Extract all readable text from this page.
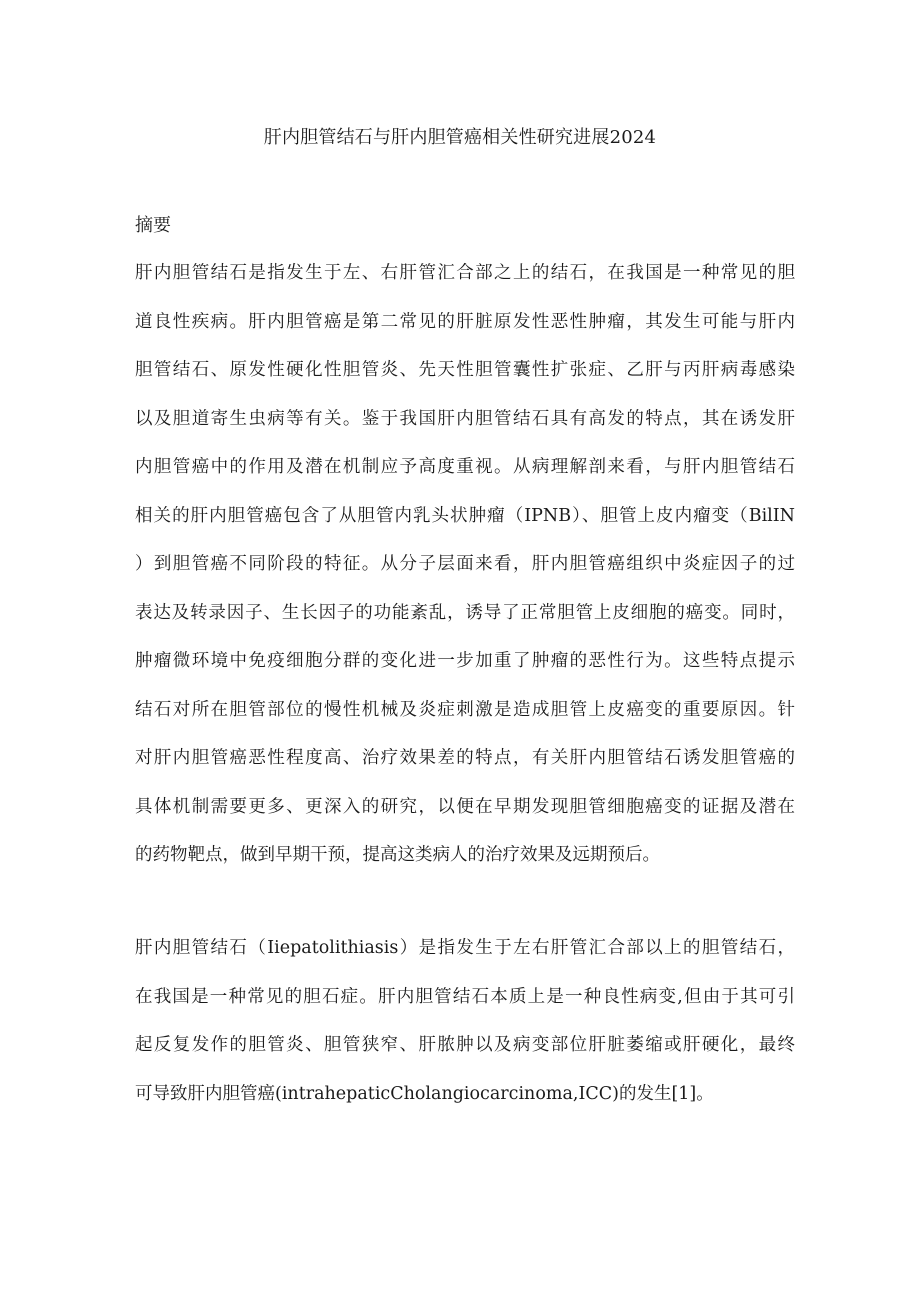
肝内胆管结石与肝内胆管癌相关性研究进展2024
摘要
肝内胆管结石是指发生于左、右肝管汇合部之上的结石，在我国是一种常见的胆
道良性疾病。肝内胆管癌是第二常见的肝脏原发性恶性肿瘤，其发生可能与肝内
胆管结石、原发性硬化性胆管炎、先天性胆管囊性扩张症、乙肝与丙肝病毒感染
以及胆道寄生虫病等有关。鉴于我国肝内胆管结石具有高发的特点，其在诱发肝
内胆管癌中的作用及潜在机制应予高度重视。从病理解剖来看，与肝内胆管结石
相关的肝内胆管癌包含了从胆管内乳头状肿瘤（IPNB）、胆管上皮内瘤变（BilIN
）到胆管癌不同阶段的特征。从分子层面来看，肝内胆管癌组织中炎症因子的过
表达及转录因子、生长因子的功能紊乱，诱导了正常胆管上皮细胞的癌变。同时，
肿瘤微环境中免疫细胞分群的变化进一步加重了肿瘤的恶性行为。这些特点提示
结石对所在胆管部位的慢性机械及炎症刺激是造成胆管上皮癌变的重要原因。针
对肝内胆管癌恶性程度高、治疗效果差的特点，有关肝内胆管结石诱发胆管癌的
具体机制需要更多、更深入的研究，以便在早期发现胆管细胞癌变的证据及潜在
的药物靶点，做到早期干预，提高这类病人的治疗效果及远期预后。
肝内胆管结石（Iiepatolithiasis）是指发生于左右肝管汇合部以上的胆管结石，
在我国是一种常见的胆石症。肝内胆管结石本质上是一种良性病变,但由于其可引
起反复发作的胆管炎、胆管狭窄、肝脓肿以及病变部位肝脏萎缩或肝硬化，最终
可导致肝内胆管癌(intrahepaticCholangiocarcinoma,ICC)的发生[1]。
